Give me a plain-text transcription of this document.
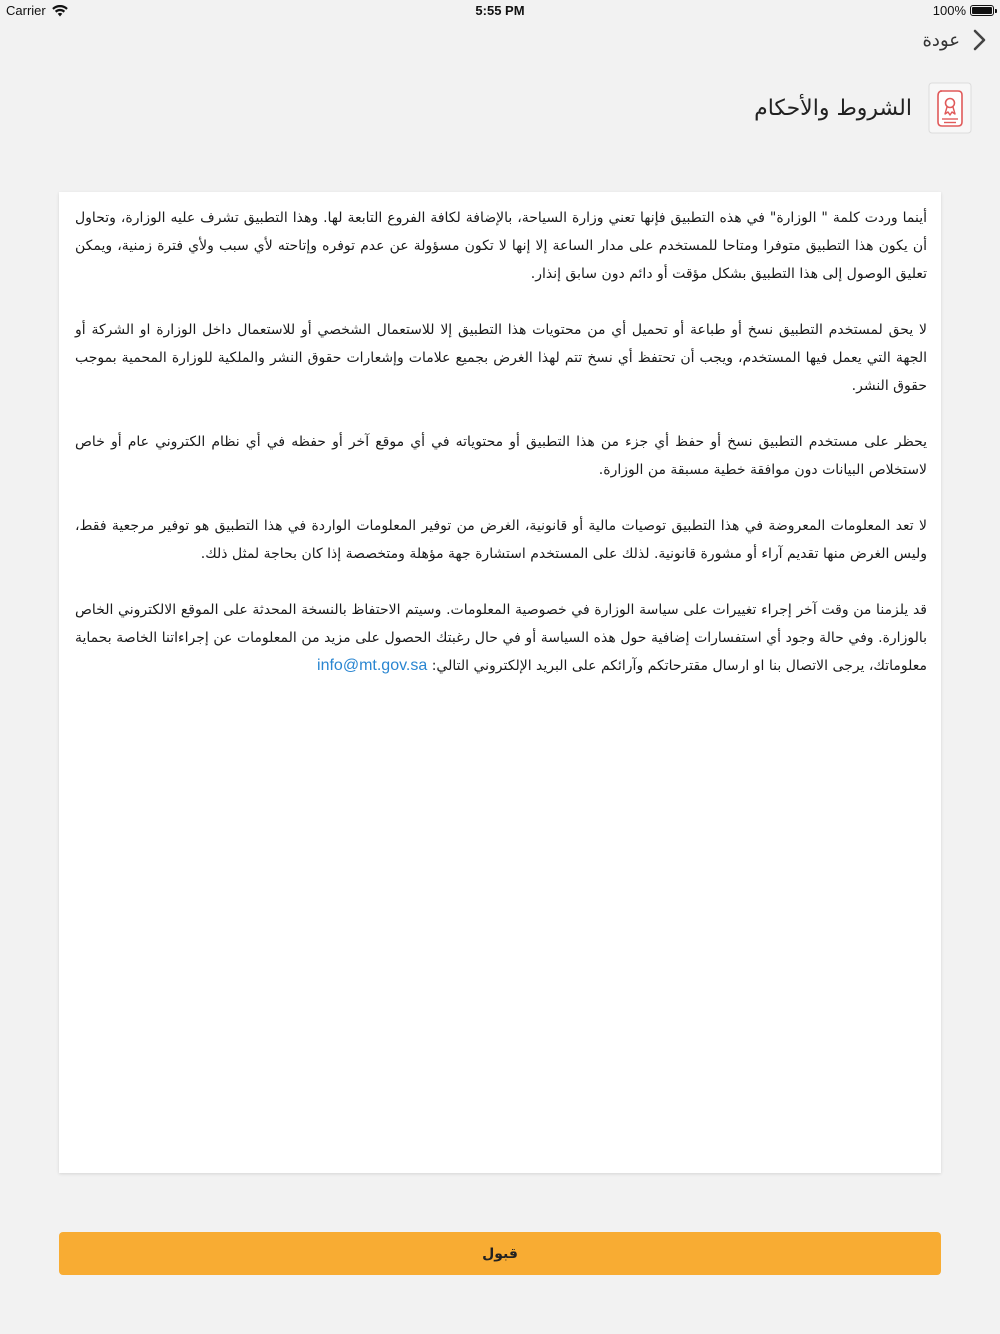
Carrier	5:55 PM	100%
عودة
الشروط والأحكام

أينما وردت كلمة " الوزارة" في هذه التطبيق فإنها تعني وزارة السياحة، بالإضافة لكافة الفروع التابعة لها. وهذا التطبيق تشرف عليه الوزارة، وتحاول أن يكون هذا التطبيق متوفرا ومتاحا للمستخدم على مدار الساعة إلا إنها لا تكون مسؤولة عن عدم توفره وإتاحته لأي سبب ولأي فترة زمنية، ويمكن تعليق الوصول إلى هذا التطبيق بشكل مؤقت أو دائم دون سابق إنذار.

لا يحق لمستخدم التطبيق نسخ أو طباعة أو تحميل أي من محتويات هذا التطبيق إلا للاستعمال الشخصي أو للاستعمال داخل الوزارة او الشركة أو الجهة التي يعمل فيها المستخدم، ويجب أن تحتفظ أي نسخ تتم لهذا الغرض بجميع علامات وإشعارات حقوق النشر والملكية للوزارة المحمية بموجب حقوق النشر.

يحظر على مستخدم التطبيق نسخ أو حفظ أي جزء من هذا التطبيق أو محتوياته في أي موقع آخر أو حفظه في أي نظام الكتروني عام أو خاص لاستخلاص البيانات دون موافقة خطية مسبقة من الوزارة.

لا تعد المعلومات المعروضة في هذا التطبيق توصيات مالية أو قانونية، الغرض من توفير المعلومات الواردة في هذا التطبيق هو توفير مرجعية فقط، وليس الغرض منها تقديم آراء أو مشورة قانونية. لذلك على المستخدم استشارة جهة مؤهلة ومتخصصة إذا كان بحاجة لمثل ذلك.

قد يلزمنا من وقت آخر إجراء تغييرات على سياسة الوزارة في خصوصية المعلومات. وسيتم الاحتفاظ بالنسخة المحدثة على الموقع الالكتروني الخاص بالوزارة. وفي حالة وجود أي استفسارات إضافية حول هذه السياسة أو في حال رغبتك الحصول على مزيد من المعلومات عن إجراءاتنا الخاصة بحماية معلوماتك، يرجى الاتصال بنا او ارسال مقترحاتكم وآرائكم على البريد الإلكتروني التالي: info@mt.gov.sa

قبول
